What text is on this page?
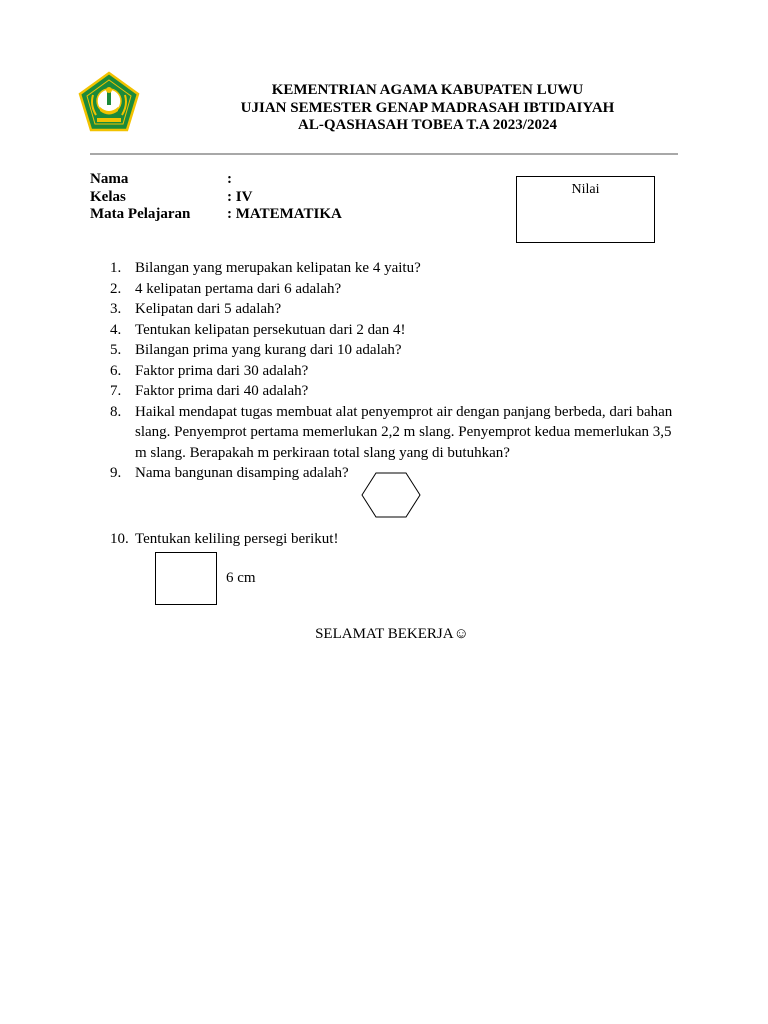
KEMENTRIAN AGAMA KABUPATEN LUWU
UJIAN SEMESTER GENAP MADRASAH IBTIDAIYAH
AL-QASHASAH TOBEA T.A 2023/2024
Nama	:
Kelas	: IV
Mata Pelajaran	: MATEMATIKA
Nilai
1. Bilangan yang merupakan kelipatan ke 4 yaitu?
2. 4 kelipatan pertama dari 6 adalah?
3. Kelipatan dari 5 adalah?
4. Tentukan kelipatan persekutuan dari 2 dan 4!
5. Bilangan prima yang kurang dari 10 adalah?
6. Faktor prima dari 30 adalah?
7. Faktor prima dari 40 adalah?
8. Haikal mendapat tugas membuat alat penyemprot air dengan panjang berbeda, dari bahan slang. Penyemprot pertama memerlukan 2,2 m slang. Penyemprot kedua memerlukan 3,5 m slang. Berapakah m perkiraan total slang yang di butuhkan?
9. Nama bangunan disamping adalah?
10. Tentukan keliling persegi berikut!
6 cm
SELAMAT BEKERJA☺
